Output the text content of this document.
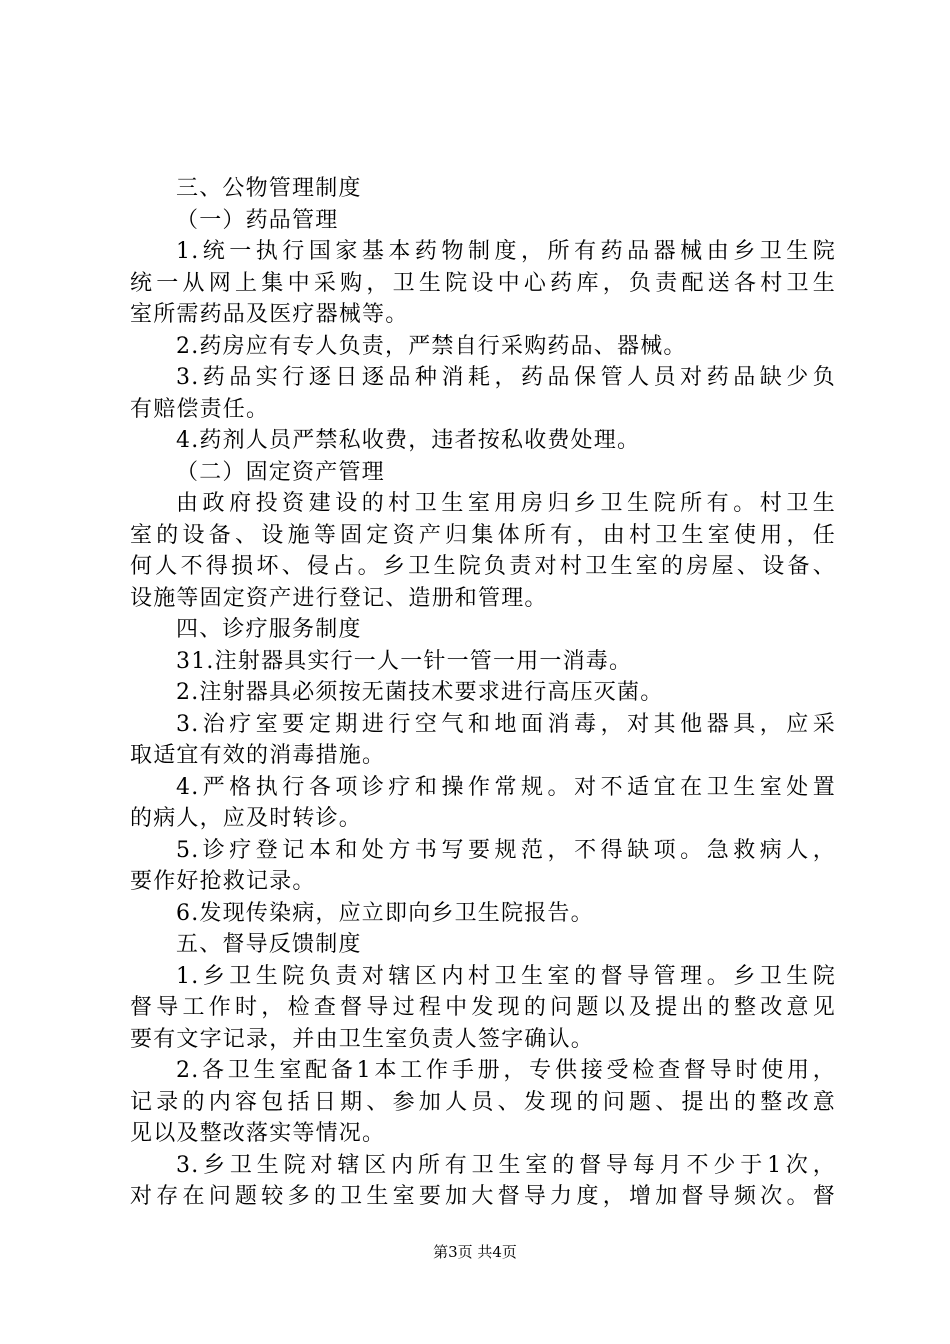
三、公物管理制度
（一）药品管理
1.统一执行国家基本药物制度，所有药品器械由乡卫生院
统一从网上集中采购，卫生院设中心药库，负责配送各村卫生
室所需药品及医疗器械等。
2.药房应有专人负责，严禁自行采购药品、器械。
3.药品实行逐日逐品种消耗，药品保管人员对药品缺少负
有赔偿责任。
4.药剂人员严禁私收费，违者按私收费处理。
（二）固定资产管理
由政府投资建设的村卫生室用房归乡卫生院所有。村卫生
室的设备、设施等固定资产归集体所有，由村卫生室使用，任
何人不得损坏、侵占。乡卫生院负责对村卫生室的房屋、设备、
设施等固定资产进行登记、造册和管理。
四、诊疗服务制度
31.注射器具实行一人一针一管一用一消毒。
2.注射器具必须按无菌技术要求进行高压灭菌。
3.治疗室要定期进行空气和地面消毒，对其他器具，应采
取适宜有效的消毒措施。
4.严格执行各项诊疗和操作常规。对不适宜在卫生室处置
的病人，应及时转诊。
5.诊疗登记本和处方书写要规范，不得缺项。急救病人，
要作好抢救记录。
6.发现传染病，应立即向乡卫生院报告。
五、督导反馈制度
1.乡卫生院负责对辖区内村卫生室的督导管理。乡卫生院
督导工作时，检查督导过程中发现的问题以及提出的整改意见
要有文字记录，并由卫生室负责人签字确认。
2.各卫生室配备1本工作手册，专供接受检查督导时使用，
记录的内容包括日期、参加人员、发现的问题、提出的整改意
见以及整改落实等情况。
3.乡卫生院对辖区内所有卫生室的督导每月不少于1次，
对存在问题较多的卫生室要加大督导力度，增加督导频次。督
第3页 共4页
